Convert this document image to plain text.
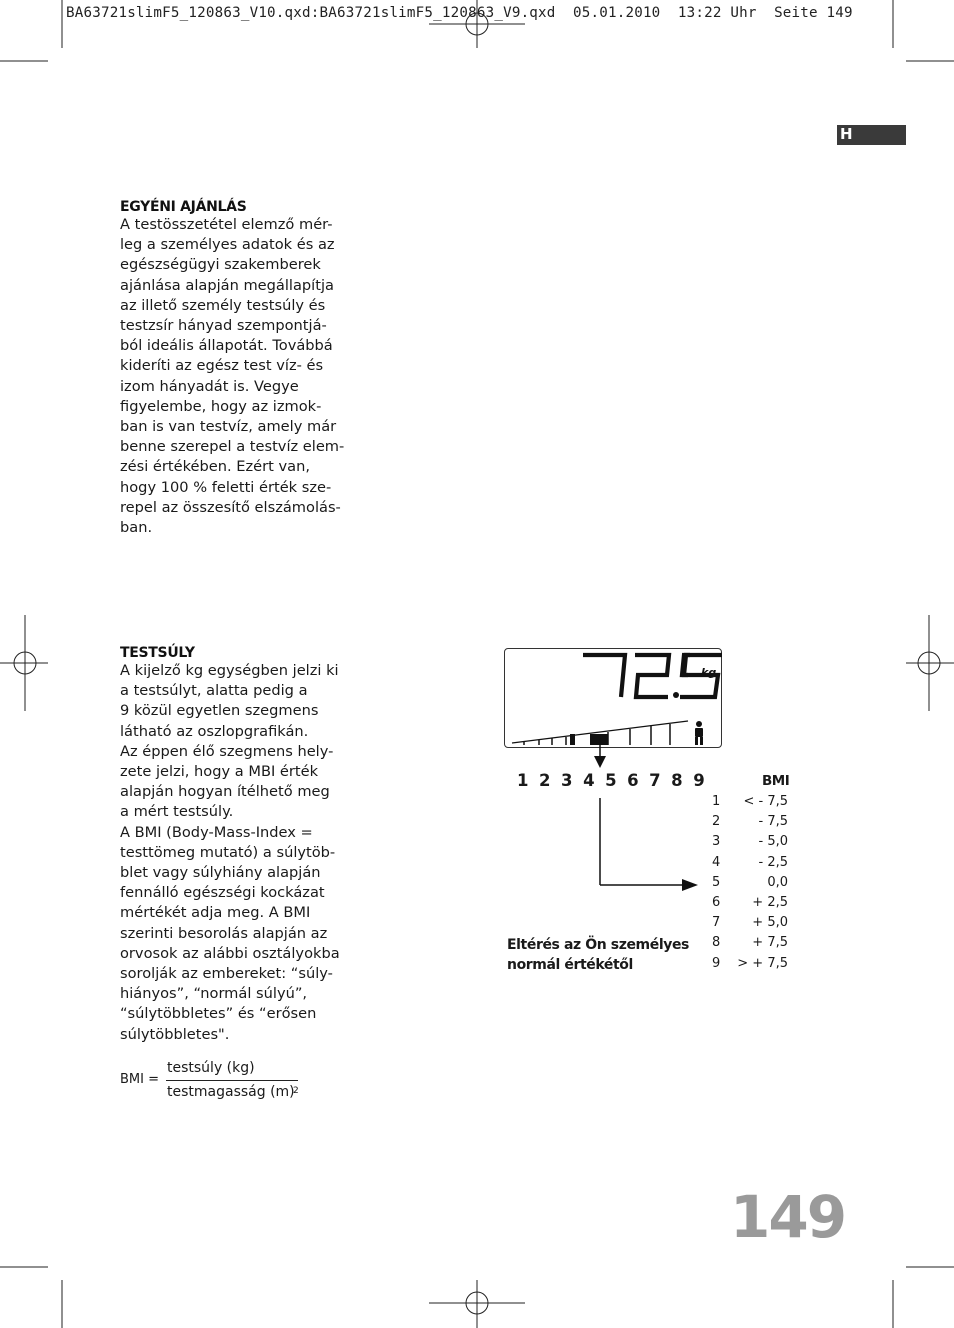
BA63721slimF5_120863_V10.qxd:BA63721slimF5_120863_V9.qxd  05.01.2010  13:22 Uhr  Seite 149
H
EGYÉNI AJÁNLÁS
A testösszetétel elemző mér-
leg a személyes adatok és az
egészségügyi szakemberek
ajánlása alapján megállapítja
az illető személy testsúly és
testzsír hányad szempontjá-
ból ideális állapotát. Továbbá
kideríti az egész test víz- és
izom hányadát is. Vegye
figyelembe, hogy az izmok-
ban is van testvíz, amely már
benne szerepel a testvíz elem-
zési értékében. Ezért van,
hogy 100 % feletti érték sze-
repel az összesítő elszámolás-
ban.
TESTSÚLY
A kijelző kg egységben jelzi ki
a testsúlyt, alatta pedig a
9 közül egyetlen szegmens
látható az oszlopgrafikán.
Az éppen élő szegmens hely-
zete jelzi, hogy a MBI érték
alapján hogyan ítélhető meg
a mért testsúly.
A BMI (Body-Mass-Index =
testtömeg mutató) a súlytöb-
blet vagy súlyhiány alapján
fennálló egészségi kockázat
mértékét adja meg. A BMI
szerinti besorolás alapján az
orvosok az alábbi osztályokba
sorolják az embereket: “súly-
hiányos”, “normál súlyú”,
“súlytöbbletes” és “erősen
súlytöbbletes".
BMI =
testsúly (kg)
testmagasság (m)
2
kg
1 2 3 4 5 6 7 8 9	BMI
1 < - 7,5
2	- 7,5
3	- 5,0
4	- 2,5
5	0,0
6 + 2,5
7 + 5,0
8 + 7,5
9 > + 7,5
Eltérés az Ön személyes
normál értékétől
149
